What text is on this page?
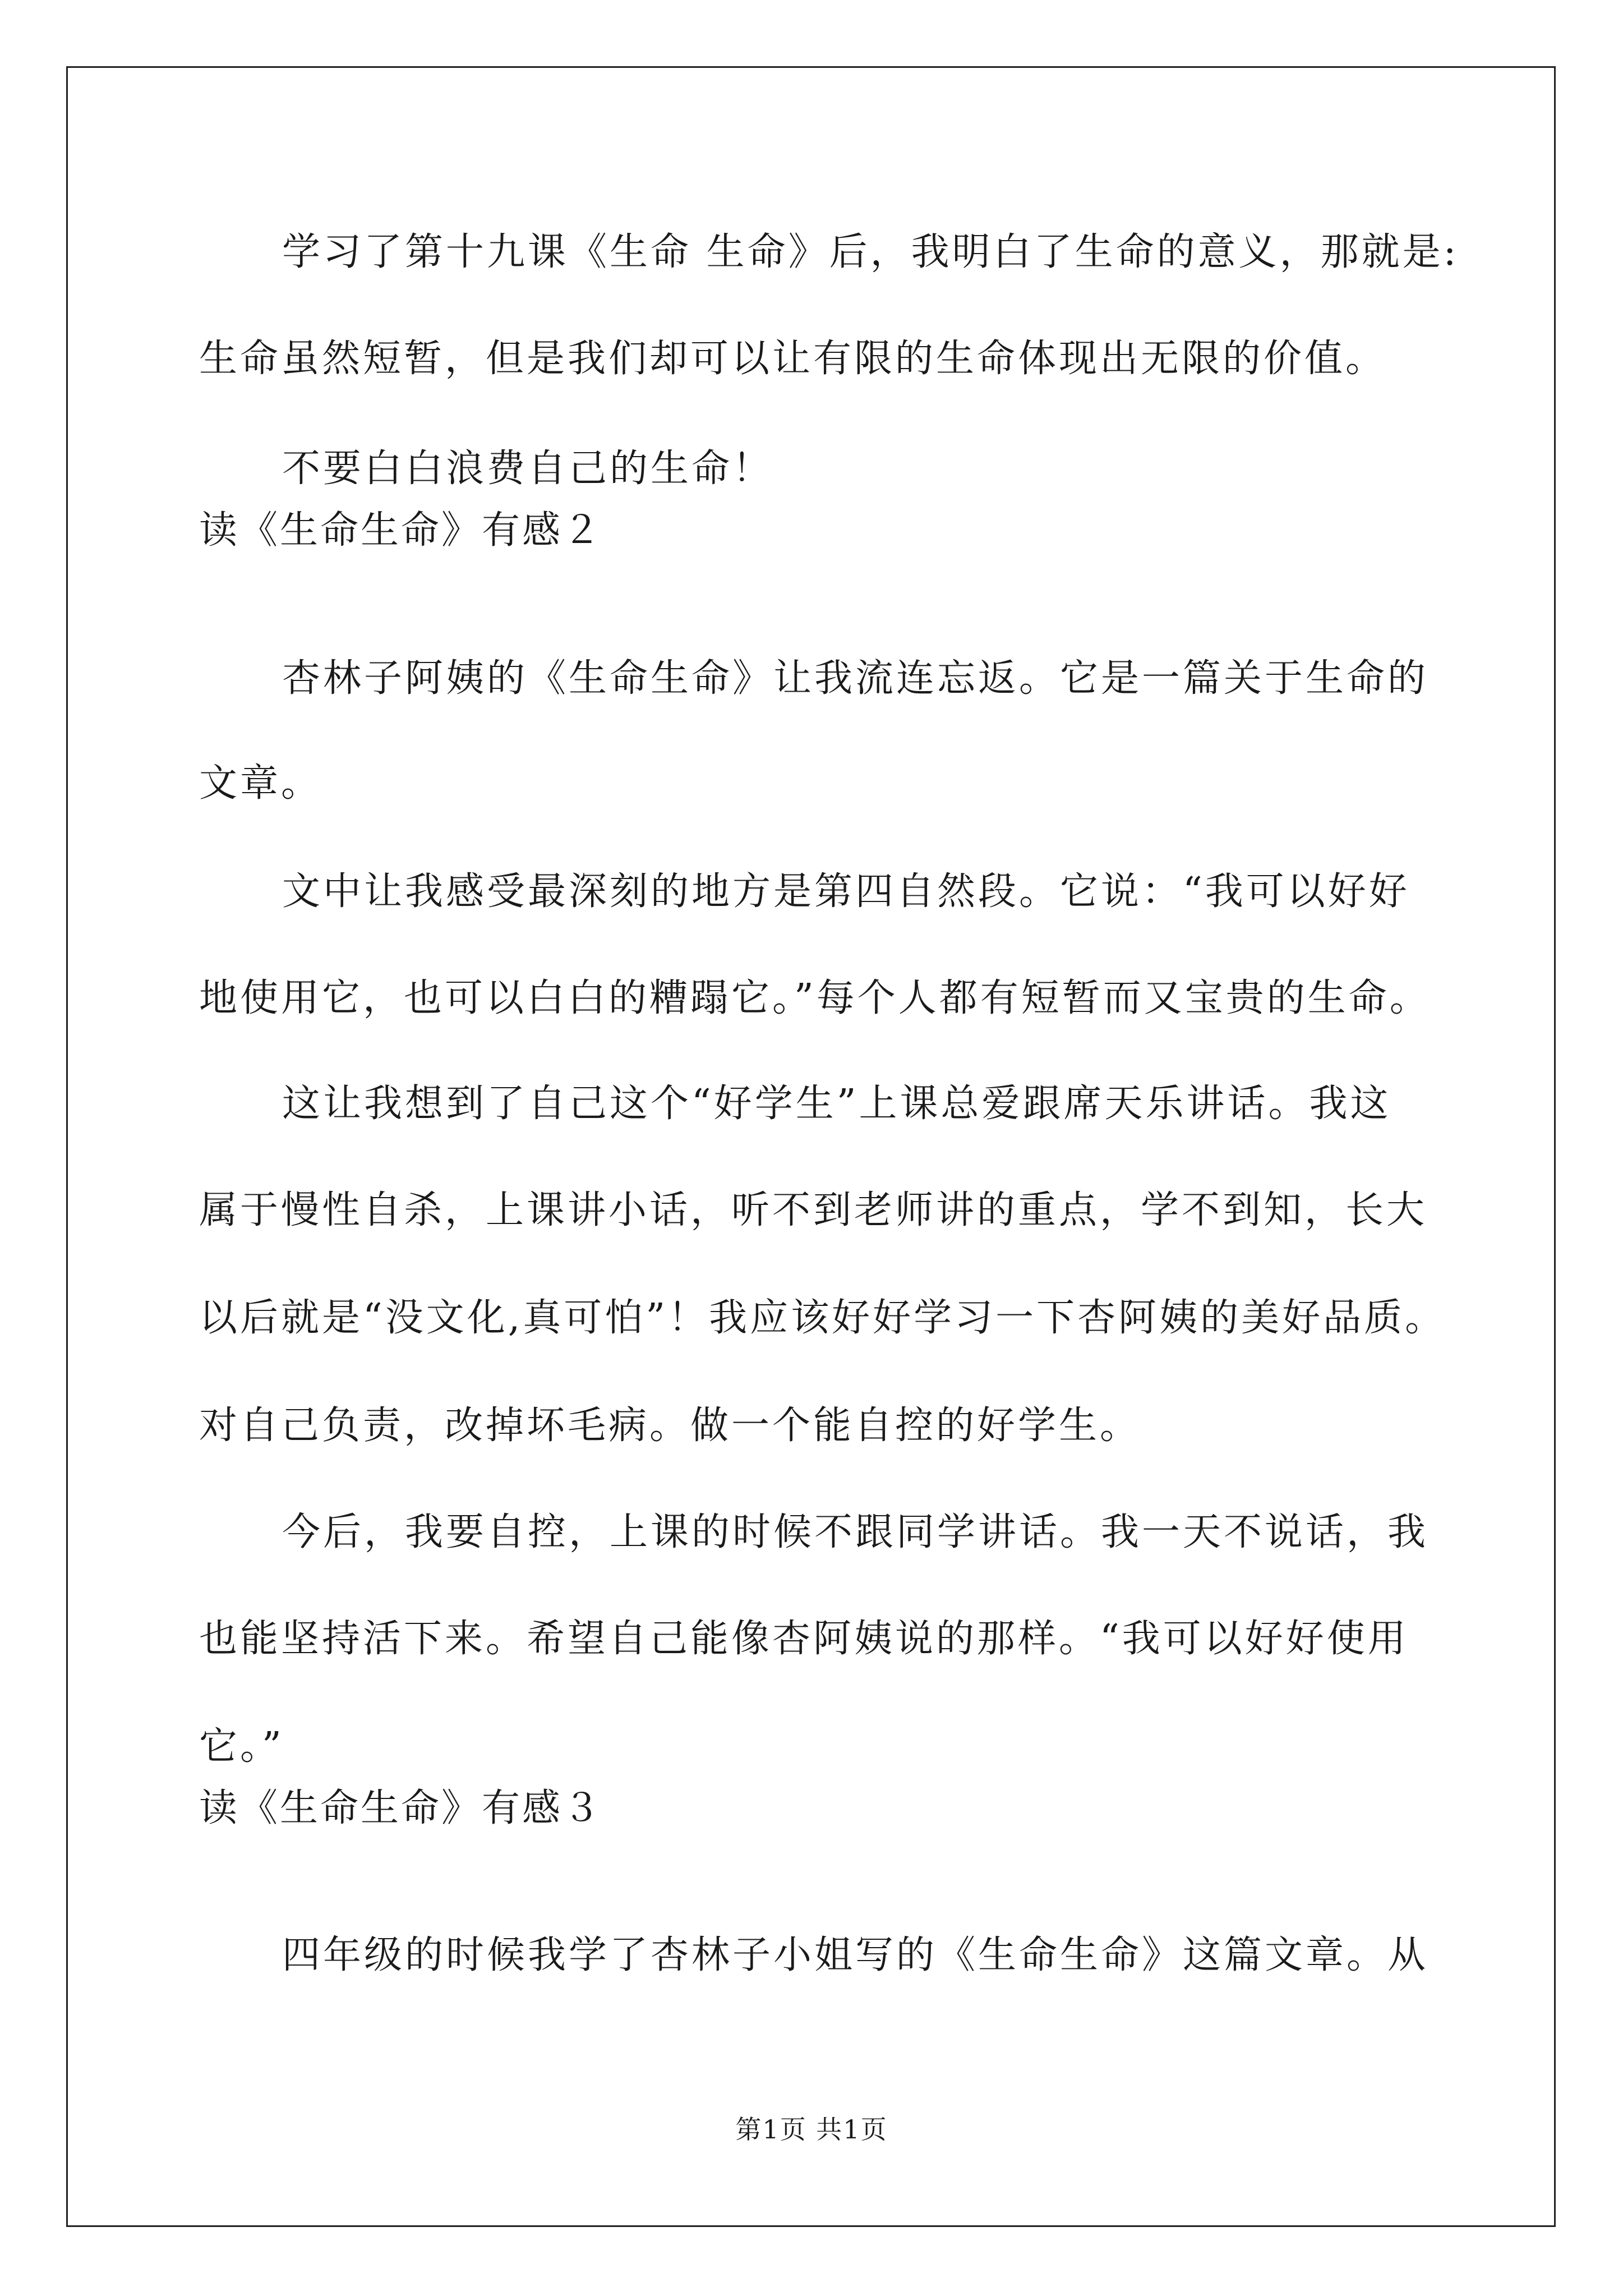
学习了第十九课《生命 生命》后，我明白了生命的意义，那就是:
生命虽然短暂，但是我们却可以让有限的生命体现出无限的价值。
不要白白浪费自己的生命！
读《生命生命》有感２
杏林子阿姨的《生命生命》让我流连忘返。它是一篇关于生命的
文章。
文中让我感受最深刻的地方是第四自然段。它说：“我可以好好
地使用它，也可以白白的糟蹋它。”每个人都有短暂而又宝贵的生命。
这让我想到了自己这个“好学生”上课总爱跟席天乐讲话。我这
属于慢性自杀，上课讲小话，听不到老师讲的重点，学不到知，长大
以后就是“没文化,真可怕”！我应该好好学习一下杏阿姨的美好品质。
对自己负责，改掉坏毛病。做一个能自控的好学生。
今后，我要自控，上课的时候不跟同学讲话。我一天不说话，我
也能坚持活下来。希望自己能像杏阿姨说的那样。“我可以好好使用
它。”
读《生命生命》有感３
四年级的时候我学了杏林子小姐写的《生命生命》这篇文章。从
第1页 共1页
